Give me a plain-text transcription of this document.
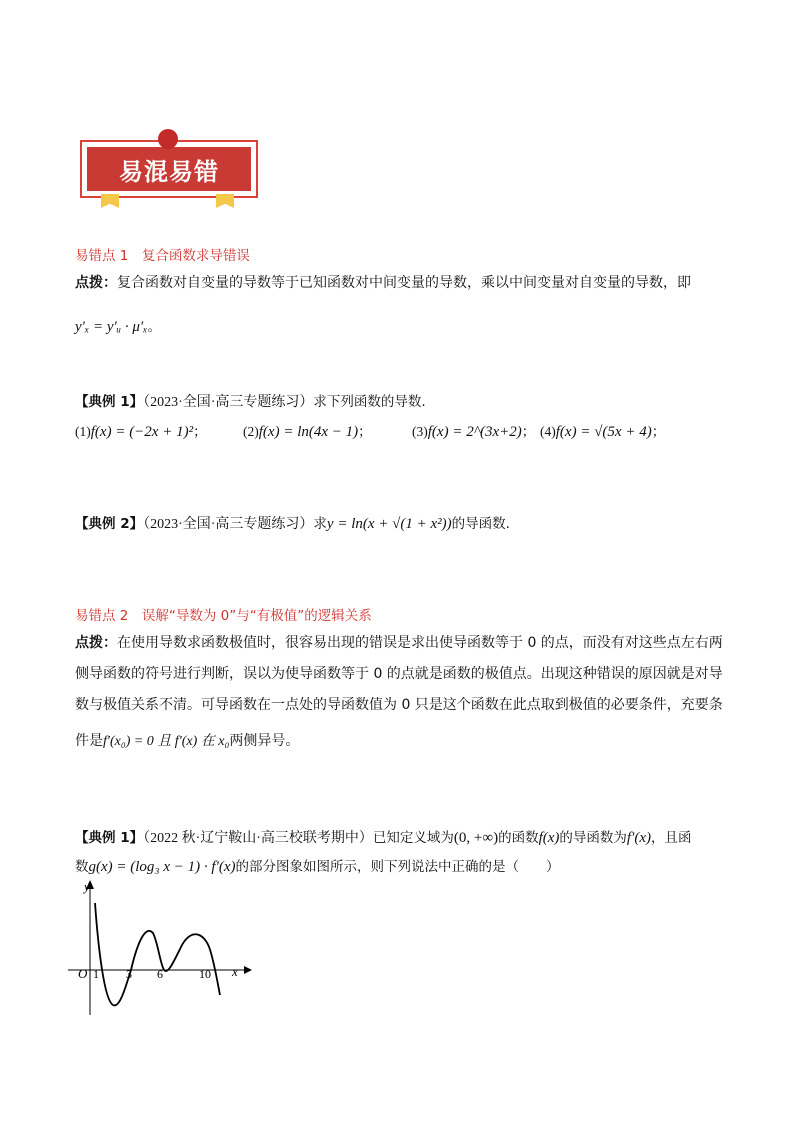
易混易错
易错点 1　复合函数求导错误
点拨：复合函数对自变量的导数等于已知函数对中间变量的导数，乘以中间变量对自变量的导数，即
y′ₓ = y′ᵤ · μ′ₓ。
【典例 1】（2023·全国·高三专题练习）求下列函数的导数.
(1)f(x) = (−2x + 1)²；	(2)f(x) = ln(4x − 1)；	(3)f(x) = 2^(3x+2)； (4)f(x) = √(5x + 4)；
【典例 2】（2023·全国·高三专题练习）求y = ln(x + √(1 + x²))的导函数.
易错点 2　误解“导数为 0”与“有极值”的逻辑关系
点拨：在使用导数求函数极值时，很容易出现的错误是求出使导函数等于 0 的点，而没有对这些点左右两
侧导函数的符号进行判断，误以为使导函数等于 0 的点就是函数的极值点。出现这种错误的原因就是对导
数与极值关系不清。可导函数在一点处的导函数值为 0 只是这个函数在此点取到极值的必要条件，充要条
件是f′(x₀) = 0 且 f′(x) 在 x₀两侧异号。
【典例 1】（2022 秋·辽宁鞍山·高三校联考期中）已知定义域为(0, +∞)的函数f(x)的导函数为f′(x)，且函
数g(x) = (log₃ x − 1) · f′(x)的部分图象如图所示，则下列说法中正确的是（　　）
y
x
O 1 3 6	10
